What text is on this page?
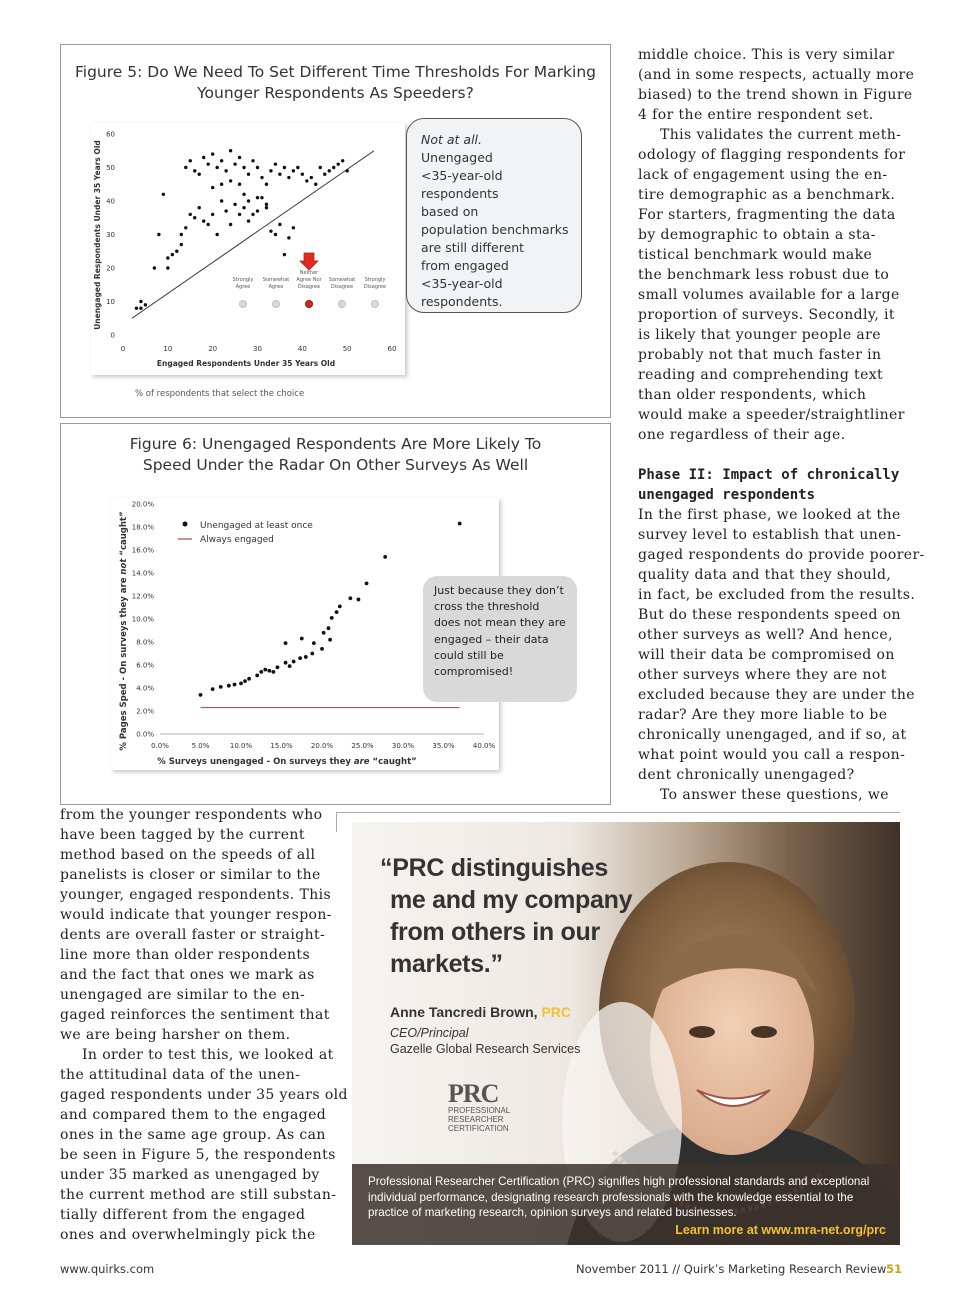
Figure 5: Do We Need To Set Different Time Thresholds For Marking
Younger Respondents As Speeders?
0	10	20	30	40	50	60
0
10
20
30
40
50
60
Strongly
Agree
Somewhat
Agree
Neither
Agree Nor
Disagree
Somewhat
Disagree
Strongly
Disagree
Engaged Respondents Under 35 Years Old
Unengaged Respondents Under 35 Years Old
% of respondents that select the choice
Not at all.
Unengaged
<35-year-old
respondents
based on
population benchmarks
are still different
from engaged
<35-year-old
respondents.
Figure 6: Unengaged Respondents Are More Likely To
Speed Under the Radar On Other Surveys As Well
0.0%	5.0%	10.0%	15.0%	20.0%	25.0%	30.0%	35.0%	40.0%
0.0%
2.0%
4.0%
6.0%
8.0%
10.0%
12.0%
14.0%
16.0%
18.0%
20.0%
Unengaged at least once
Always engaged
% Surveys unengaged - On surveys they are “caught”
% Pages Sped - On surveys they are not “caught”
Just because they don’t
cross the threshold
does not mean they are
engaged – their data
could still be
compromised!
middle choice. This is very similar
(and in some respects, actually more
biased) to the trend shown in Figure
4 for the entire respondent set.
This validates the current meth-
odology of flagging respondents for
lack of engagement using the en-
tire demographic as a benchmark.
For starters, fragmenting the data
by demographic to obtain a sta-
tistical benchmark would make
the benchmark less robust due to
small volumes available for a large
proportion of surveys. Secondly, it
is likely that younger people are
probably not that much faster in
reading and comprehending text
than older respondents, which
would make a speeder/straightliner
one regardless of their age.
Phase II: Impact of chronically
unengaged respondents
In the first phase, we looked at the
survey level to establish that unen-
gaged respondents do provide poorer-
quality data and that they should,
in fact, be excluded from the results.
But do these respondents speed on
other surveys as well? And hence,
will their data be compromised on
other surveys where they are not
excluded because they are under the
radar? Are they more liable to be
chronically unengaged, and if so, at
what point would you call a respon-
dent chronically unengaged?
To answer these questions, we
from the younger respondents who
have been tagged by the current
method based on the speeds of all
panelists is closer or similar to the
younger, engaged respondents. This
would indicate that younger respon-
dents are overall faster or straight-
line more than older respondents
and the fact that ones we mark as
unengaged are similar to the en-
gaged reinforces the sentiment that
we are being harsher on them.
In order to test this, we looked at
the attitudinal data of the unen-
gaged respondents under 35 years old
and compared them to the engaged
ones in the same age group. As can
be seen in Figure 5, the respondents
under 35 marked as unengaged by
the current method are still substan-
tially different from the engaged
ones and overwhelmingly pick the
“PRC distinguishes
me and my company
from others in our
markets.”
Anne Tancredi Brown, PRC
CEO/Principal
Gazelle Global Research Services
PRC
PROFESSIONAL
RESEARCHER
CERTIFICATION
Professional Researcher Certification (PRC) signifies high professional standards and exceptional
individual performance, designating research professionals with the knowledge essential to the
practice of marketing research, opinion surveys and related businesses.
Learn more at www.mra-net.org/prc
www.quirks.com	November 2011 // Quirk’s Marketing Research Review 51
